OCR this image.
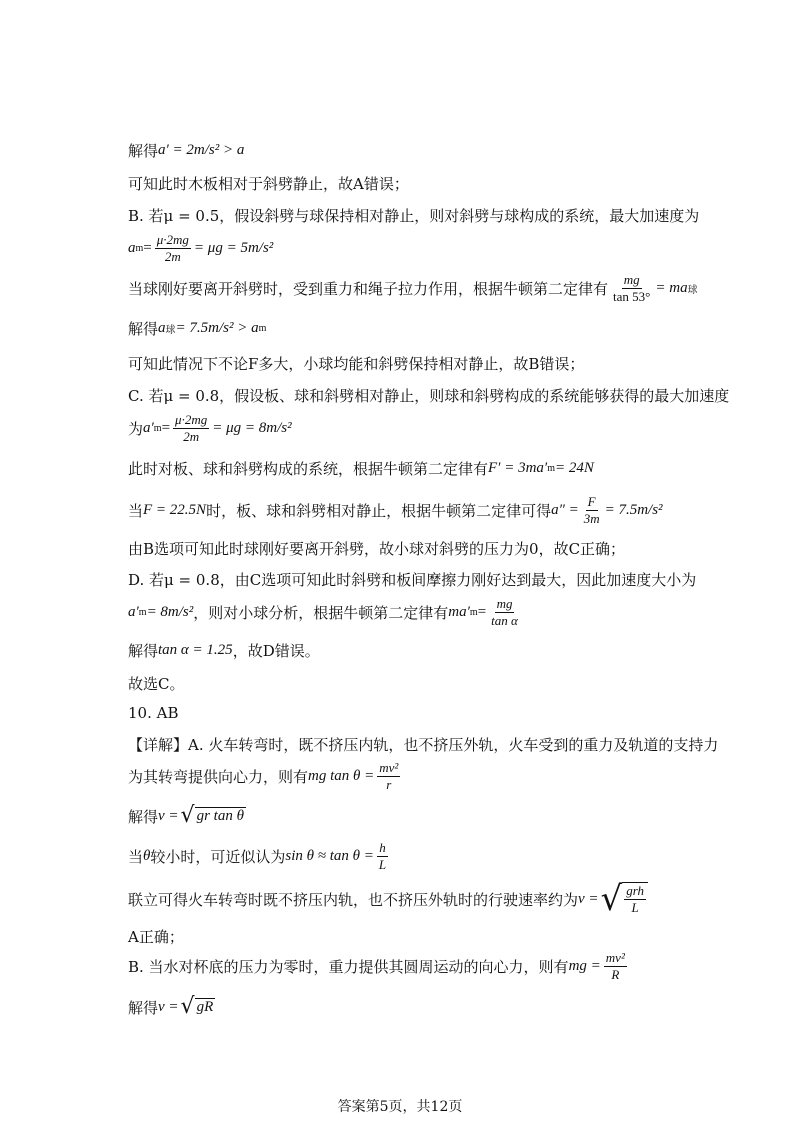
解得 a′ = 2m/s² > a
可知此时木板相对于斜劈静止，故A错误；
B. 若μ = 0.5，假设斜劈与球保持相对静止，则对斜劈与球构成的系统，最大加速度为
a $m = \frac{\mu\cdot 2mg}{2m} = \mu g = 5m/s^2$
当球刚好要离开斜劈时，受到重力和绳子拉力作用，根据牛顿第二定律有 $\frac{mg}{\tan 53^\circ}$ = ma 球
解得 a 球 = 7.5m/s² > a m
可知此情况下不论F多大，小球均能和斜劈保持相对静止，故B错误；
C. 若μ = 0.8，假设板、球和斜劈相对静止，则球和斜劈构成的系统能够获得的最大加速度
为 a′ $m = \frac{\mu\cdot 2mg}{2m} = \mu g = 8m/s^2$
此时对板、球和斜劈构成的系统，根据牛顿第二定律有 F′ = 3ma′ m = 24N
当 F = 22.5N 时，板、球和斜劈相对静止，根据牛顿第二定律可得 $a'' = \frac{F}{3m} = 7.5m/s^2$
由B选项可知此时球刚好要离开斜劈，故小球对斜劈的压力为0，故C正确；
D. 若μ = 0.8，由C选项可知此时斜劈和板间摩擦力刚好达到最大，因此加速度大小为
a′ m = 8m/s² ，则对小球分析，根据牛顿第二定律有 ma′ $m = \frac{mg}{\text{tan α}}$
解得 tan α = 1.25 ，故D错误。
故选C。
10. AB
【详解】A. 火车转弯时，既不挤压内轨，也不挤压外轨，火车受到的重力及轨道的支持力
为其转弯提供向心力，则有 mg $\tan \theta = \frac{\text{mv²}}{r}$
解得 v = √ gr tan θ
当 θ 较小时，可近似认为 $\sin \theta \approx \tan \theta = \frac{h}{L}$
联立可得火车转弯时既不挤压内轨，也不挤压外轨时的行驶速率约为 v = √ $\frac{\text{grh}}{L}$
A正确；
B. 当水对杯底的压力为零时，重力提供其圆周运动的向心力，则有 mg = $\frac{\text{mv²}}{R}$
解得 v = √ gR
答案第5页，共12页
